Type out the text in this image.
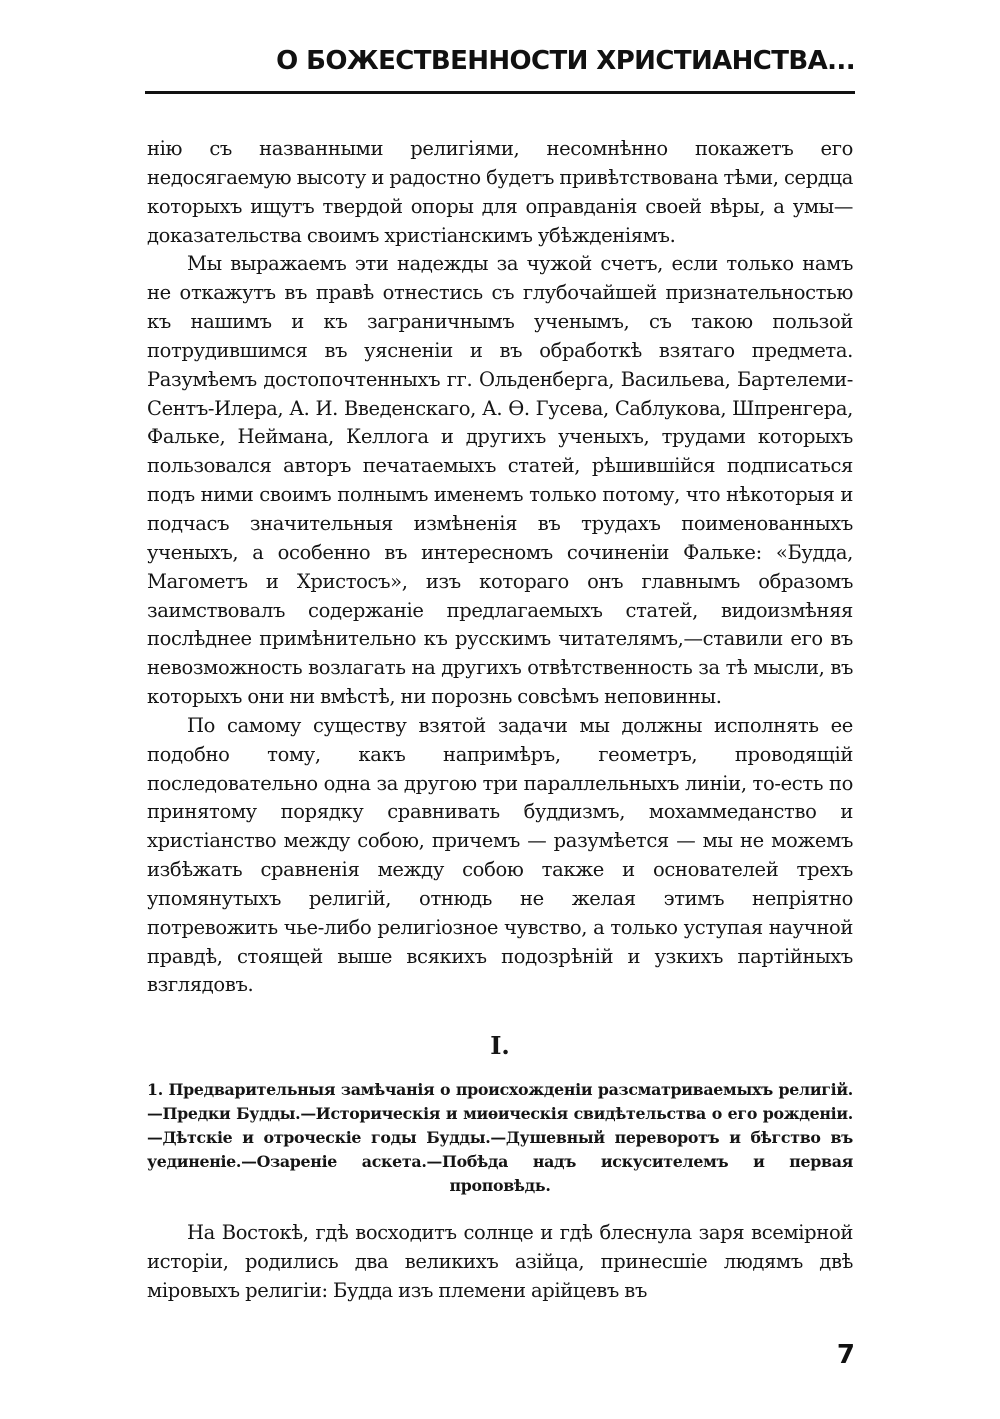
О БОЖЕСТВЕННОСТИ ХРИСТИАНСТВА...

нію съ названными религіями, несомнѣнно покажетъ его недосягаемую высоту и радостно будетъ привѣтствована тѣми, сердца которыхъ ищутъ твердой опоры для оправданія своей вѣры, а умы—доказательства своимъ христіанскимъ убѣжденіямъ.

Мы выражаемъ эти надежды за чужой счетъ, если только намъ не откажутъ въ правѣ отнестись съ глубочайшей признательностью къ нашимъ и къ заграничнымъ ученымъ, съ такою пользой потрудившимся въ уясненіи и въ обработкѣ взятаго предмета. Разумѣемъ достопочтенныхъ гг. Ольденберга, Васильева, Бартелеми-Сентъ-Илера, А. И. Введенскаго, А. Ѳ. Гусева, Саблукова, Шпренгера, Фальке, Неймана, Келлога и другихъ ученыхъ, трудами которыхъ пользовался авторъ печатаемыхъ статей, рѣшившійся подписаться подъ ними своимъ полнымъ именемъ только потому, что нѣкоторыя и подчасъ значительныя измѣненія въ трудахъ поименованныхъ ученыхъ, а особенно въ интересномъ сочиненіи Фальке: «Будда, Магометъ и Христосъ», изъ котораго онъ главнымъ образомъ заимствовалъ содержаніе предлагаемыхъ статей, видоизмѣняя послѣднее примѣнительно къ русскимъ читателямъ,—ставили его въ невозможность возлагать на другихъ отвѣтственность за тѣ мысли, въ которыхъ они ни вмѣстѣ, ни порознь совсѣмъ неповинны.

По самому существу взятой задачи мы должны исполнять ее подобно тому, какъ напримѣръ, геометръ, проводящій последовательно одна за другою три параллельныхъ линіи, то-есть по принятому порядку сравнивать буддизмъ, мохаммеданство и христіанство между собою, причемъ — разумѣется — мы не можемъ избѣжать сравненія между собою также и основателей трехъ упомянутыхъ религій, отнюдь не желая этимъ непріятно потревожить чье-либо религіозное чувство, а только уступая научной правдѣ, стоящей выше всякихъ подозрѣній и узкихъ партійныхъ взглядовъ.

I.

1. Предварительныя замѣчанія о происхожденіи разсматриваемыхъ религій.—Предки Будды.—Историческія и миѳическія свидѣтельства о его рожденіи.—Дѣтскіе и отроческіе годы Будды.—Душевный переворотъ и бѣгство въ уединеніе.—Озареніе аскета.—Побѣда надъ искусителемъ и первая проповѣдь.

На Востокѣ, гдѣ восходитъ солнце и гдѣ блеснула заря всемірной исторіи, родились два великихъ азійца, принесшіе людямъ двѣ міровыхъ религіи: Будда изъ племени арійцевъ въ

7
